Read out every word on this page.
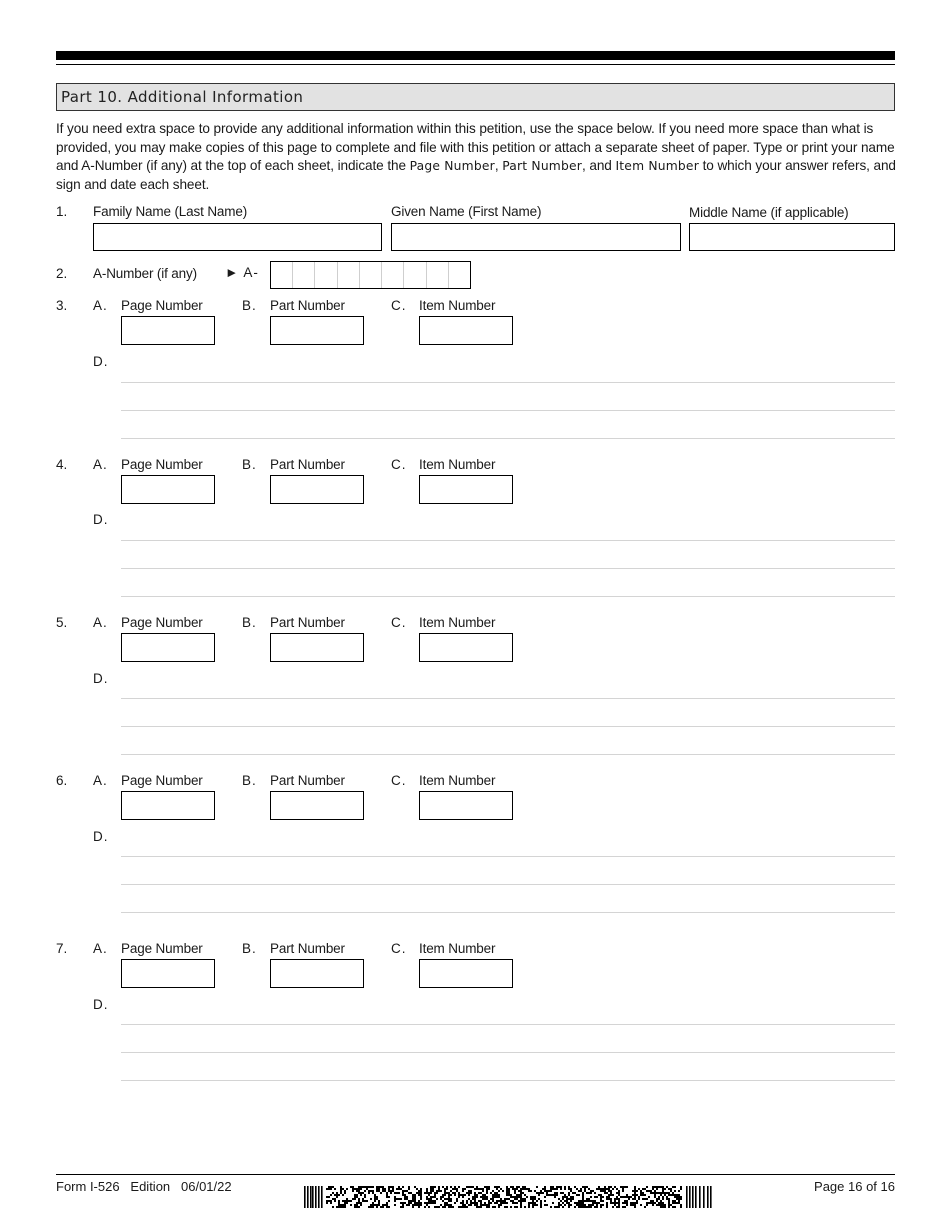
Part 10. Additional Information
If you need extra space to provide any additional information within this petition, use the space below. If you need more space than what is provided, you may make copies of this page to complete and file with this petition or attach a separate sheet of paper. Type or print your name and A-Number (if any) at the top of each sheet, indicate the Page Number, Part Number, and Item Number to which your answer refers, and sign and date each sheet.
1. Family Name (Last Name)	Given Name (First Name)	Middle Name (if applicable)
2. A-Number (if any) ► A-
3. A. Page Number	B. Part Number	C. Item Number
D.
4. A. Page Number	B. Part Number	C. Item Number
D.
5. A. Page Number	B. Part Number	C. Item Number
D.
6. A. Page Number	B. Part Number	C. Item Number
D.
7. A. Page Number	B. Part Number	C. Item Number
D.
Form I-526   Edition   06/01/22	Page 16 of 16
